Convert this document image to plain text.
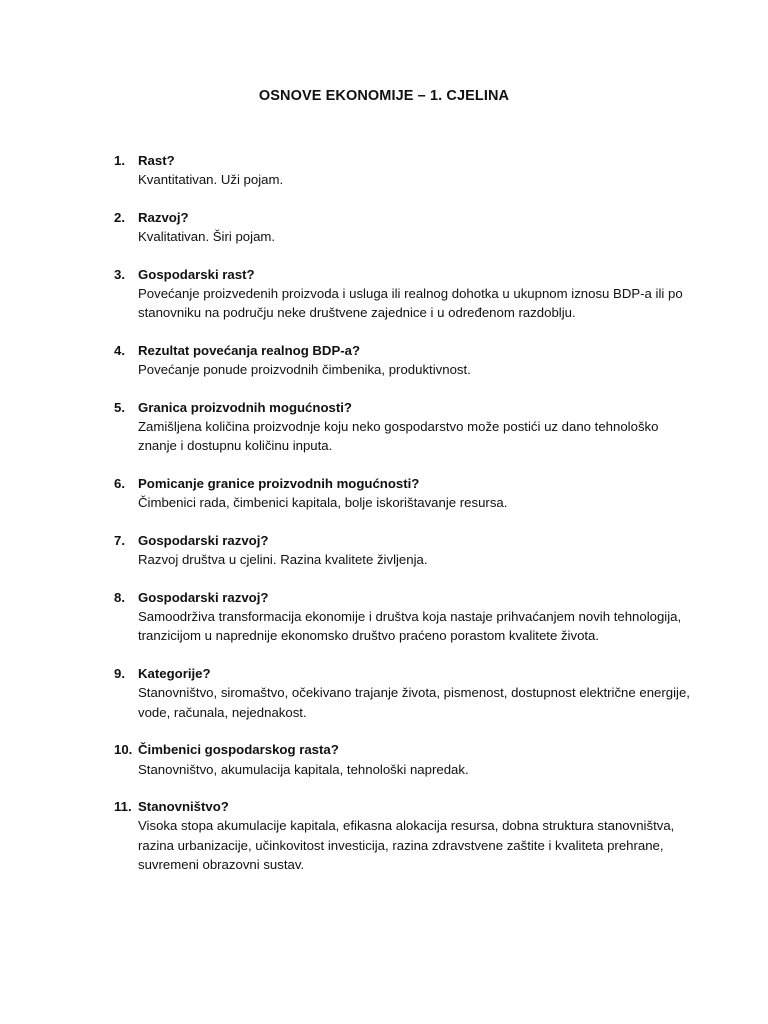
OSNOVE EKONOMIJE – 1. CJELINA
1. Rast?
Kvantitativan. Uži pojam.
2. Razvoj?
Kvalitativan. Širi pojam.
3. Gospodarski rast?
Povećanje proizvedenih proizvoda i usluga ili realnog dohotka u ukupnom iznosu BDP-a ili po stanovniku na području neke društvene zajednice i u određenom razdoblju.
4. Rezultat povećanja realnog BDP-a?
Povećanje ponude proizvodnih čimbenika, produktivnost.
5. Granica proizvodnih mogućnosti?
Zamišljena količina proizvodnje koju neko gospodarstvo može postići uz dano tehnološko znanje i dostupnu količinu inputa.
6. Pomicanje granice proizvodnih mogućnosti?
Čimbenici rada, čimbenici kapitala, bolje iskorištavanje resursa.
7. Gospodarski razvoj?
Razvoj društva u cjelini. Razina kvalitete življenja.
8. Gospodarski razvoj?
Samoodrživa transformacija ekonomije i društva koja nastaje prihvaćanjem novih tehnologija, tranzicijom u naprednije ekonomsko društvo praćeno porastom kvalitete života.
9. Kategorije?
Stanovništvo, siromaštvo, očekivano trajanje života, pismenost, dostupnost električne energije, vode, računala, nejednakost.
10. Čimbenici gospodarskog rasta?
Stanovništvo, akumulacija kapitala, tehnološki napredak.
11. Stanovništvo?
Visoka stopa akumulacije kapitala, efikasna alokacija resursa, dobna struktura stanovništva, razina urbanizacije, učinkovitost investicija, razina zdravstvene zaštite i kvaliteta prehrane, suvremeni obrazovni sustav.
